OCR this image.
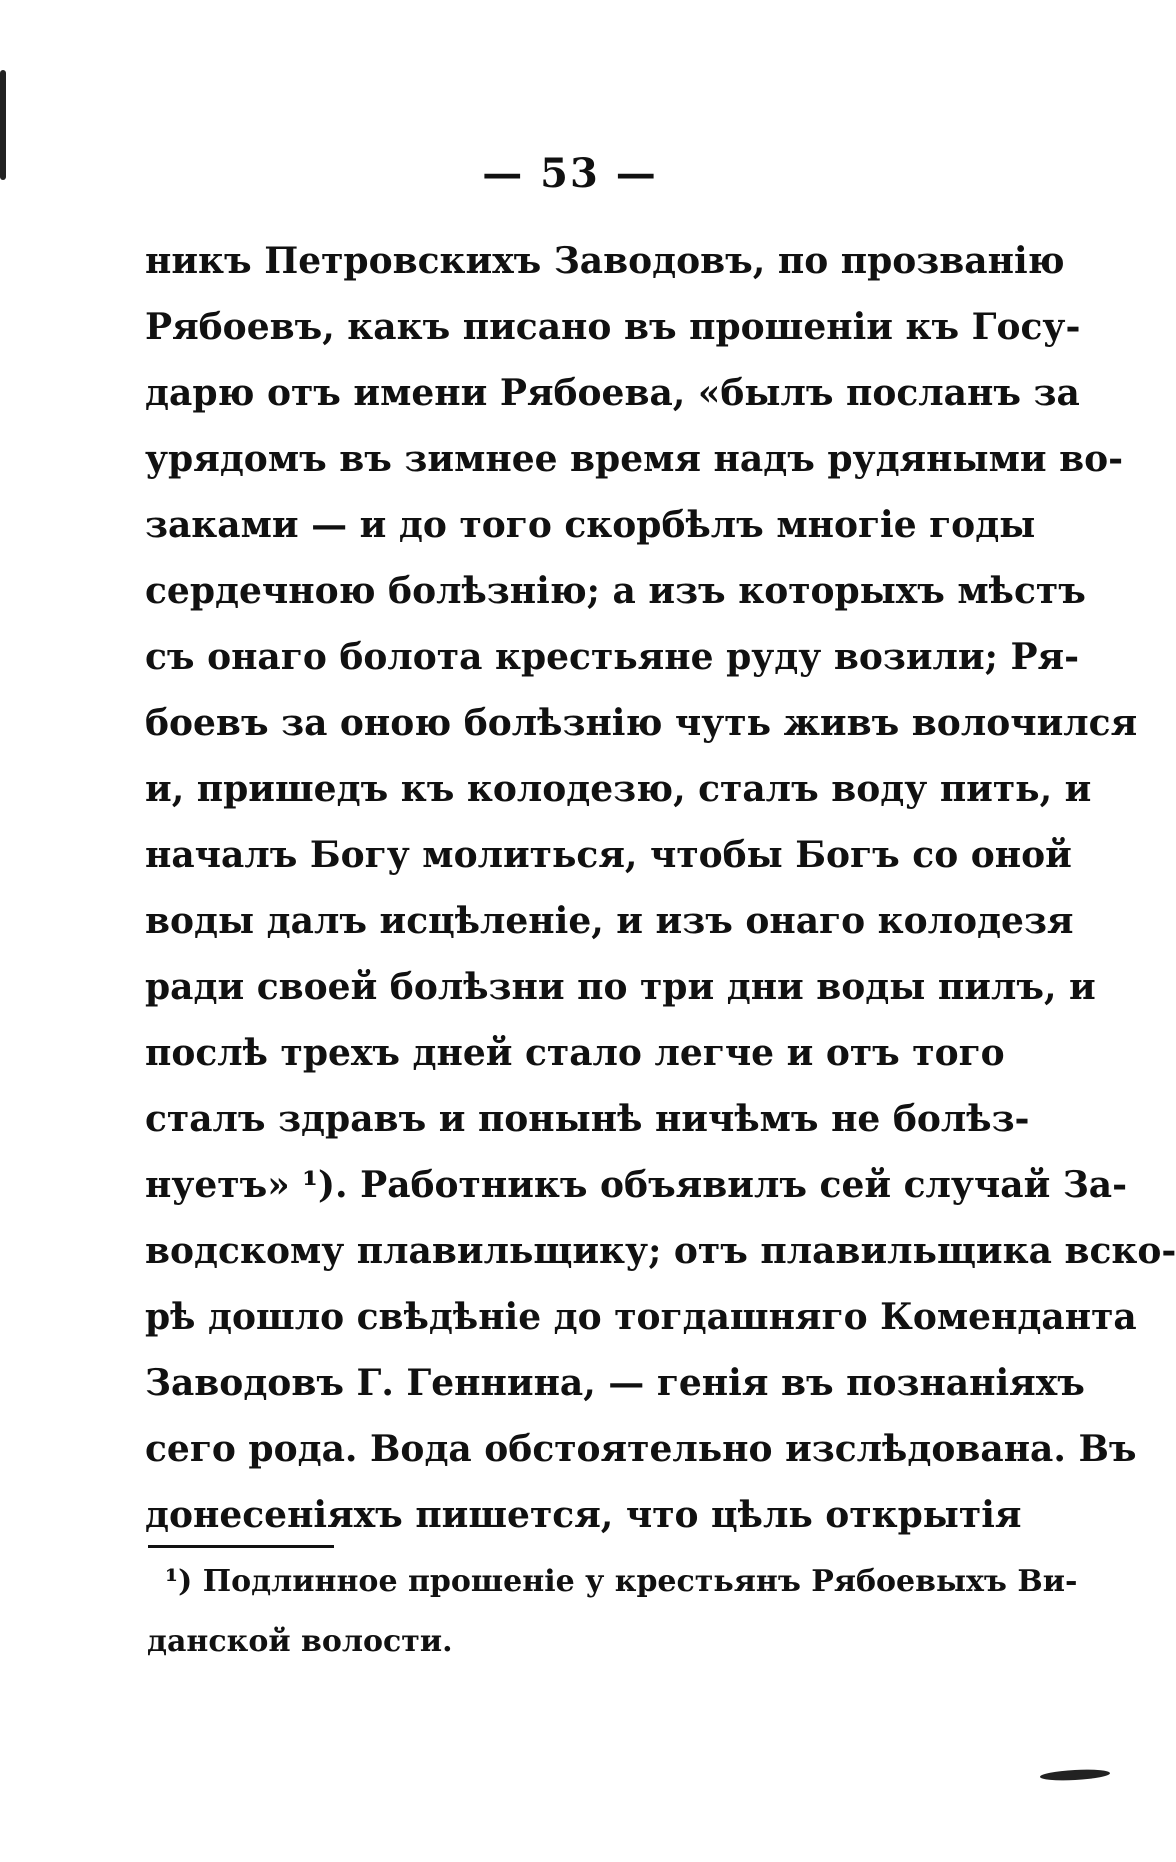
— 53 —
никъ Петровскихъ Заводовъ, по прозванію
Рябоевъ, какъ писано въ прошеніи къ Госу-
дарю отъ имени Рябоева, «былъ посланъ за
урядомъ въ зимнее время надъ рудяными во-
заками — и до того скорбѣлъ многіе годы
сердечною болѣзнію; а изъ которыхъ мѣстъ
съ онаго болота крестьяне руду возили; Ря-
боевъ за оною болѣзнію чуть живъ волочился
и, пришедъ къ колодезю, сталъ воду пить, и
началъ Богу молиться, чтобы Богъ со оной
воды далъ исцѣленіе, и изъ онаго колодезя
ради своей болѣзни по три дни воды пилъ, и
послѣ трехъ дней стало легче и отъ того
сталъ здравъ и понынѣ ничѣмъ не болѣз-
нуетъ» ¹). Работникъ объявилъ сей случай За-
водскому плавильщику; отъ плавильщика вско-
рѣ дошло свѣдѣніе до тогдашняго Коменданта
Заводовъ Г. Геннина, — генія въ познаніяхъ
сего рода. Вода обстоятельно изслѣдована. Въ
донесеніяхъ пишется, что цѣль открытія
¹) Подлинное прошеніе у крестьянъ Рябоевыхъ Ви-
данской волости.
